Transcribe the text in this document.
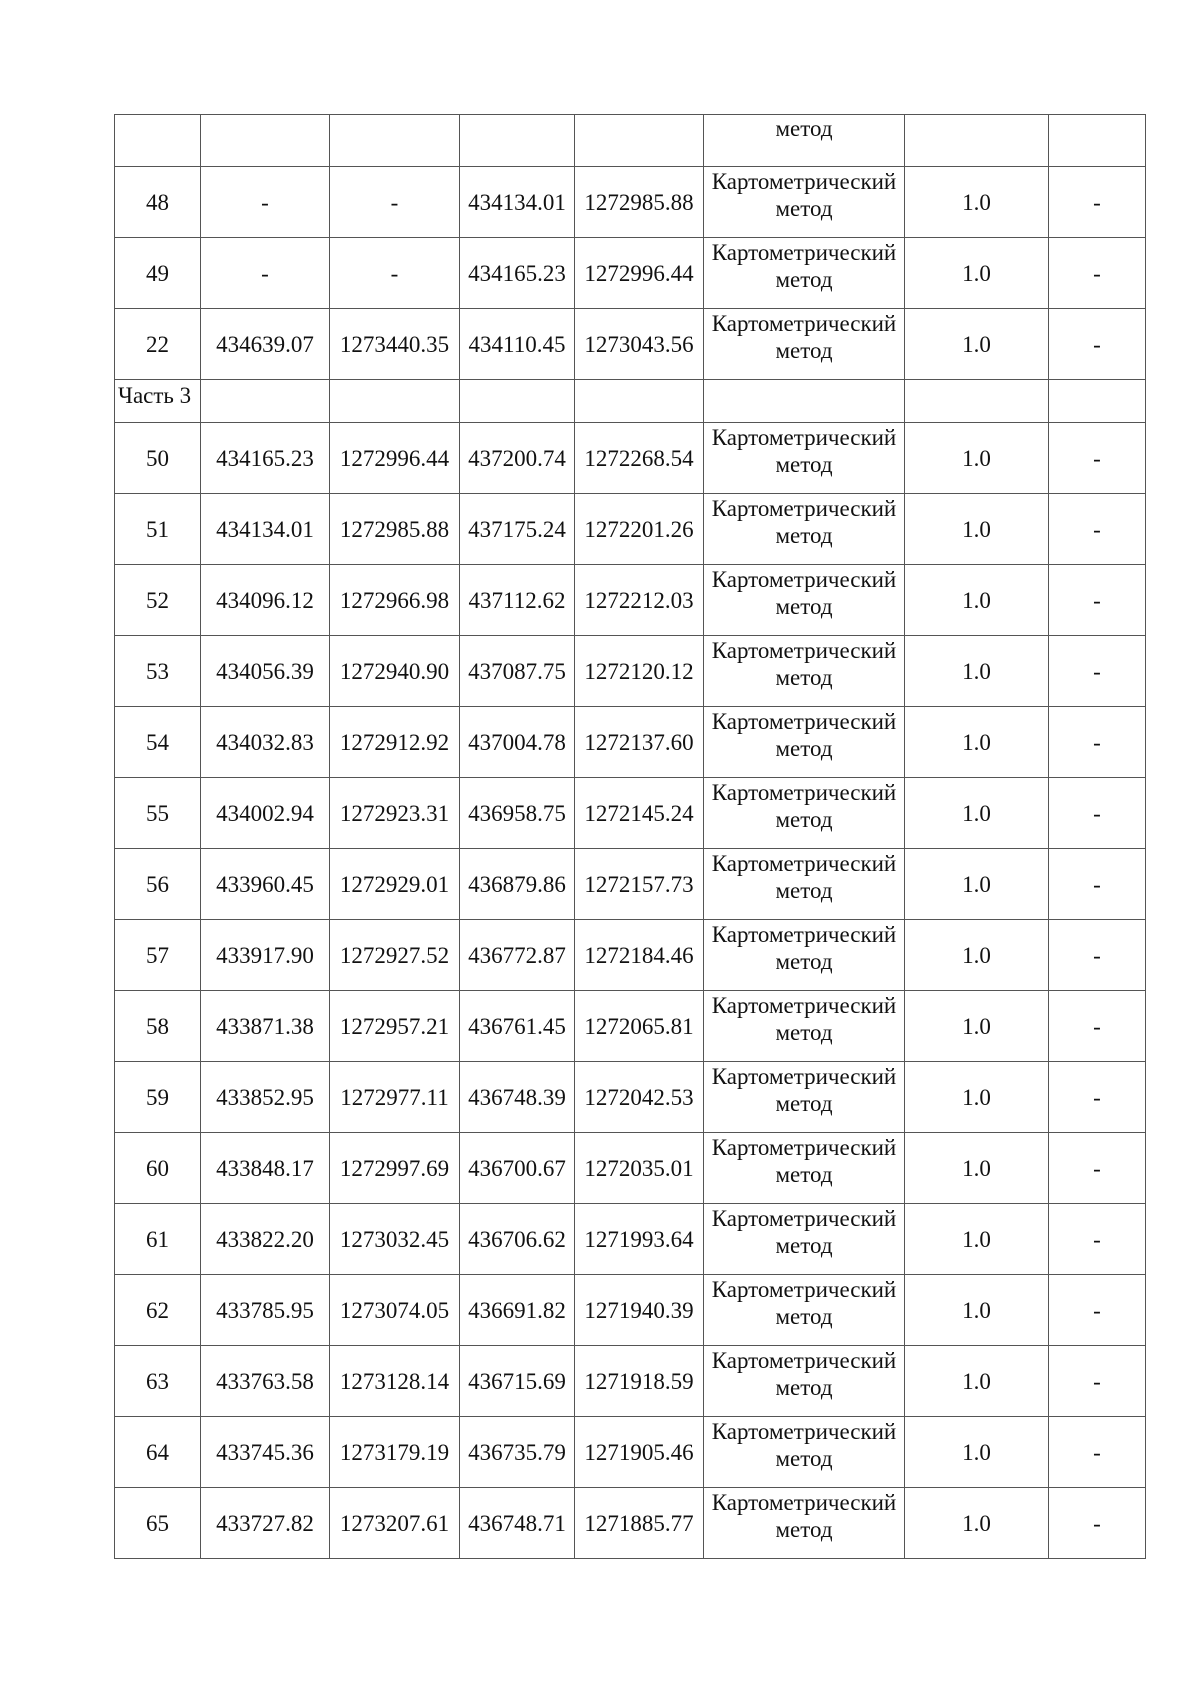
					метод		
48	-	-	434134.01	1272985.88	Картометрический
метод	1.0	-
49	-	-	434165.23	1272996.44	Картометрический
метод	1.0	-
22	434639.07	1273440.35	434110.45	1273043.56	Картометрический
метод	1.0	-
Часть 3							
50	434165.23	1272996.44	437200.74	1272268.54	Картометрический
метод	1.0	-
51	434134.01	1272985.88	437175.24	1272201.26	Картометрический
метод	1.0	-
52	434096.12	1272966.98	437112.62	1272212.03	Картометрический
метод	1.0	-
53	434056.39	1272940.90	437087.75	1272120.12	Картометрический
метод	1.0	-
54	434032.83	1272912.92	437004.78	1272137.60	Картометрический
метод	1.0	-
55	434002.94	1272923.31	436958.75	1272145.24	Картометрический
метод	1.0	-
56	433960.45	1272929.01	436879.86	1272157.73	Картометрический
метод	1.0	-
57	433917.90	1272927.52	436772.87	1272184.46	Картометрический
метод	1.0	-
58	433871.38	1272957.21	436761.45	1272065.81	Картометрический
метод	1.0	-
59	433852.95	1272977.11	436748.39	1272042.53	Картометрический
метод	1.0	-
60	433848.17	1272997.69	436700.67	1272035.01	Картометрический
метод	1.0	-
61	433822.20	1273032.45	436706.62	1271993.64	Картометрический
метод	1.0	-
62	433785.95	1273074.05	436691.82	1271940.39	Картометрический
метод	1.0	-
63	433763.58	1273128.14	436715.69	1271918.59	Картометрический
метод	1.0	-
64	433745.36	1273179.19	436735.79	1271905.46	Картометрический
метод	1.0	-
65	433727.82	1273207.61	436748.71	1271885.77	Картометрический
метод	1.0	-
